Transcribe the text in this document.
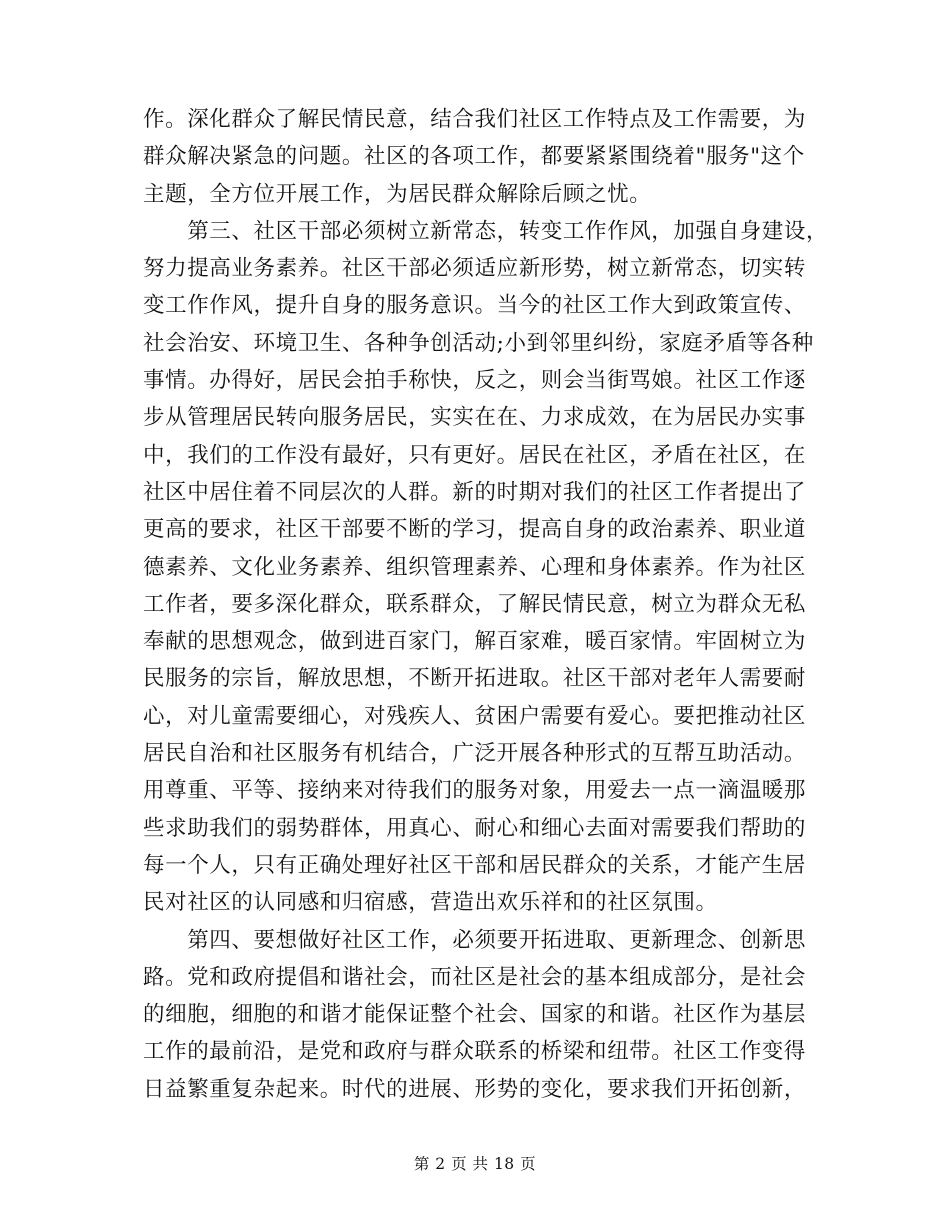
作。深化群众了解民情民意，结合我们社区工作特点及工作需要，为
群众解决紧急的问题。社区的各项工作，都要紧紧围绕着"服务"这个
主题，全方位开展工作，为居民群众解除后顾之忧。
　　第三、社区干部必须树立新常态，转变工作作风，加强自身建设，
努力提高业务素养。社区干部必须适应新形势，树立新常态，切实转
变工作作风，提升自身的服务意识。当今的社区工作大到政策宣传、
社会治安、环境卫生、各种争创活动;小到邻里纠纷，家庭矛盾等各种
事情。办得好，居民会拍手称快，反之，则会当街骂娘。社区工作逐
步从管理居民转向服务居民，实实在在、力求成效，在为居民办实事
中，我们的工作没有最好，只有更好。居民在社区，矛盾在社区，在
社区中居住着不同层次的人群。新的时期对我们的社区工作者提出了
更高的要求，社区干部要不断的学习，提高自身的政治素养、职业道
德素养、文化业务素养、组织管理素养、心理和身体素养。作为社区
工作者，要多深化群众，联系群众，了解民情民意，树立为群众无私
奉献的思想观念，做到进百家门，解百家难，暖百家情。牢固树立为
民服务的宗旨，解放思想，不断开拓进取。社区干部对老年人需要耐
心，对儿童需要细心，对残疾人、贫困户需要有爱心。要把推动社区
居民自治和社区服务有机结合，广泛开展各种形式的互帮互助活动。
用尊重、平等、接纳来对待我们的服务对象，用爱去一点一滴温暖那
些求助我们的弱势群体，用真心、耐心和细心去面对需要我们帮助的
每一个人，只有正确处理好社区干部和居民群众的关系，才能产生居
民对社区的认同感和归宿感，营造出欢乐祥和的社区氛围。
　　第四、要想做好社区工作，必须要开拓进取、更新理念、创新思
路。党和政府提倡和谐社会，而社区是社会的基本组成部分，是社会
的细胞，细胞的和谐才能保证整个社会、国家的和谐。社区作为基层
工作的最前沿，是党和政府与群众联系的桥梁和纽带。社区工作变得
日益繁重复杂起来。时代的进展、形势的变化，要求我们开拓创新，
第 2 页 共 18 页
